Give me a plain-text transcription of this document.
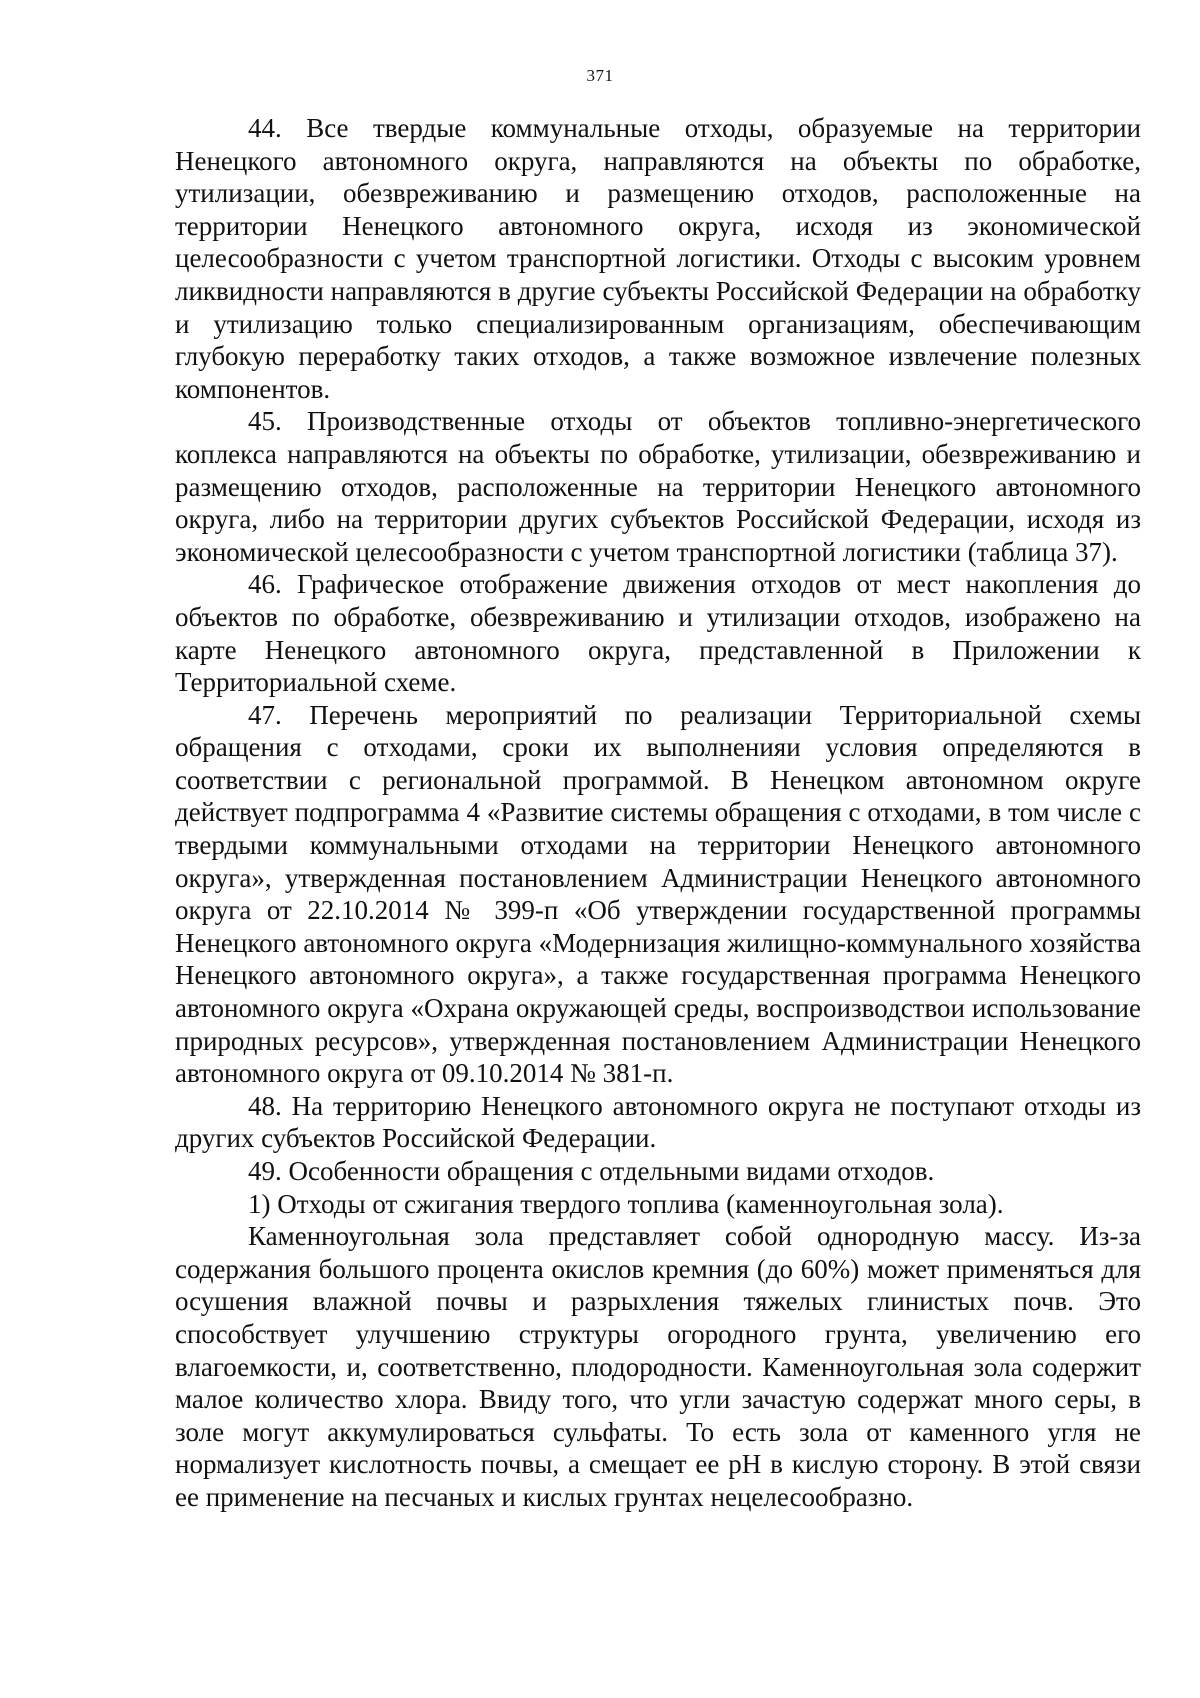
371

44. Все твердые коммунальные отходы, образуемые на территории Ненецкого автономного округа, направляются на объекты по обработке, утилизации, обезвреживанию и размещению отходов, расположенные на территории Ненецкого автономного округа, исходя из экономической целесообразности с учетом транспортной логистики. Отходы с высоким уровнем ликвидности направляются в другие субъекты Российской Федерации на обработку и утилизацию только специализированным организациям, обеспечивающим глубокую переработку таких отходов, а также возможное извлечение полезных компонентов.

45. Производственные отходы от объектов топливно-энергетического коплекса направляются на объекты по обработке, утилизации, обезвреживанию и размещению отходов, расположенные на территории Ненецкого автономного округа, либо на территории других субъектов Российской Федерации, исходя из экономической целесообразности с учетом транспортной логистики (таблица 37).

46. Графическое отображение движения отходов от мест накопления до объектов по обработке, обезвреживанию и утилизации отходов, изображено на карте Ненецкого автономного округа, представленной в Приложении к Территориальной схеме.

47. Перечень мероприятий по реализации Территориальной схемы обращения с отходами, сроки их выполненияи условия определяются в соответствии с региональной программой. В Ненецком автономном округе действует подпрограмма 4 «Развитие системы обращения с отходами, в том числе с твердыми коммунальными отходами на территории Ненецкого автономного округа», утвержденная постановлением Администрации Ненецкого автономного округа от 22.10.2014 № 399-п «Об утверждении государственной программы Ненецкого автономного округа «Модернизация жилищно-коммунального хозяйства Ненецкого автономного округа», а также государственная программа Ненецкого автономного округа «Охрана окружающей среды, воспроизводствои использование природных ресурсов», утвержденная постановлением Администрации Ненецкого автономного округа от 09.10.2014 № 381-п.

48. На территорию Ненецкого автономного округа не поступают отходы из других субъектов Российской Федерации.

49. Особенности обращения с отдельными видами отходов.

1) Отходы от сжигания твердого топлива (каменноугольная зола).

Каменноугольная зола представляет собой однородную массу. Из-за содержания большого процента окислов кремния (до 60%) может применяться для осушения влажной почвы и разрыхления тяжелых глинистых почв. Это способствует улучшению структуры огородного грунта, увеличению его влагоемкости, и, соответственно, плодородности. Каменноугольная зола содержит малое количество хлора. Ввиду того, что угли зачастую содержат много серы, в золе могут аккумулироваться сульфаты. То есть зола от каменного угля не нормализует кислотность почвы, а смещает ее pH в кислую сторону. В этой связи ее применение на песчаных и кислых грунтах нецелесообразно.
